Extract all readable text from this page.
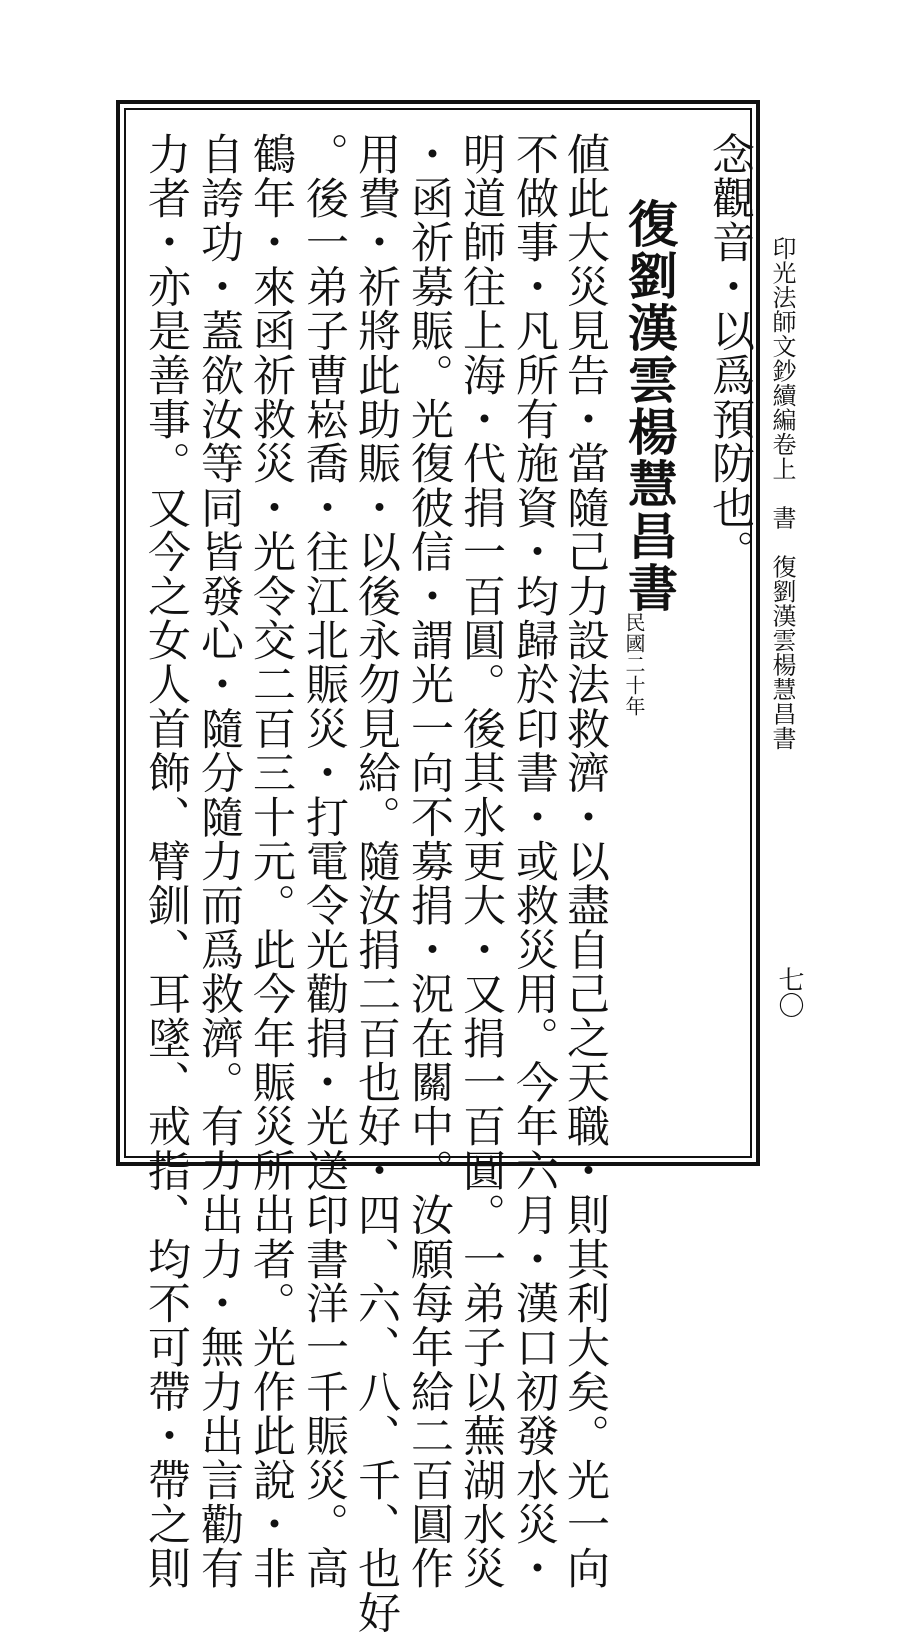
印光法師文鈔續編卷上　書　復劉漢雲楊慧昌書
七〇
念觀音・以爲預防也。
復劉漢雲楊慧昌書
民國二十年
値此大災見告・當隨己力設法救濟・以盡自己之天職・則其利大矣。光一向
不做事・凡所有施資・均歸於印書・或救災用。今年六月・漢口初發水災・
明道師往上海・代捐一百圓。後其水更大・又捐一百圓。一弟子以蕪湖水災
・函祈募賑。光復彼信・謂光一向不募捐・況在關中。汝願每年給二百圓作
用費・祈將此助賑・以後永勿見給。隨汝捐二百也好・四、六、八、千、也好
。後一弟子曹崧喬・往江北賑災・打電令光勸捐・光送印書洋一千賑災。高
鶴年・來函祈救災・光令交二百三十元。此今年賑災所出者。光作此說・非
自誇功・蓋欲汝等同皆發心・隨分隨力而爲救濟。有力出力・無力出言勸有
力者・亦是善事。又今之女人首飾、臂釧、耳墜、戒指、均不可帶・帶之則
